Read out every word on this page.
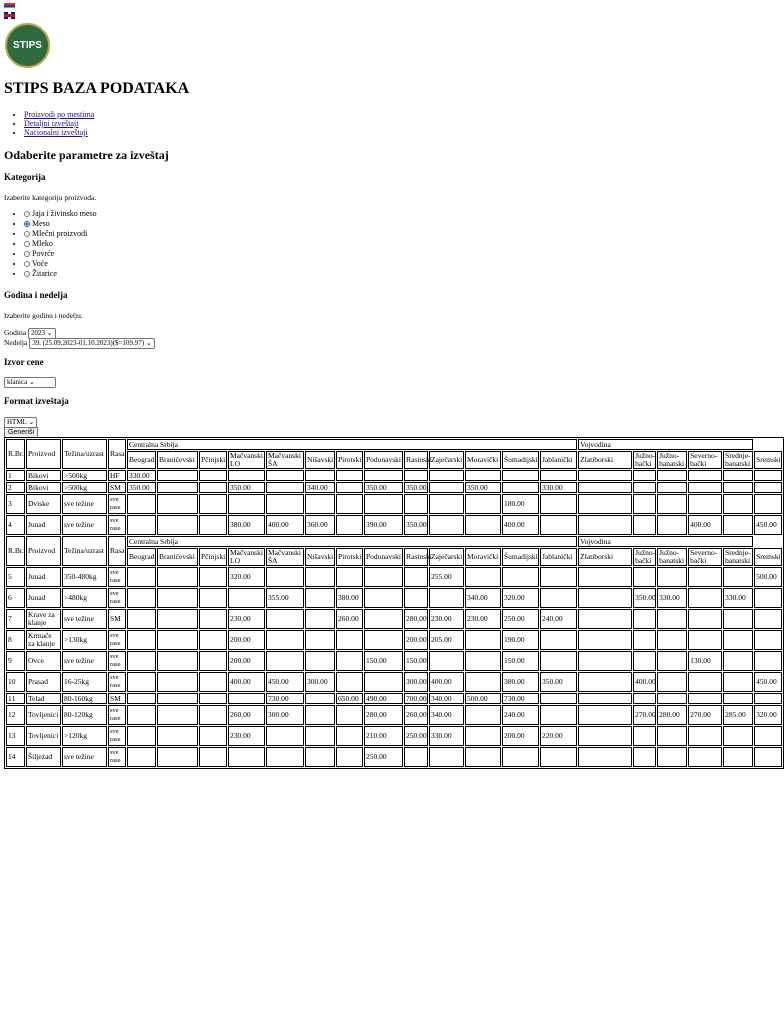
STIPS
STIPS BAZA PODATAKA
• Proizvodi po mestima
• Detaljni izveštaji
• Nacionalni izveštaji
Odaberite parametre za izveštaj
Kategorija

Izaberite kategoriju proizvoda.

• Jaja i živinsko meso
• Meso
• Mlečni proizvodi
• Mleko
• Povrće
• Voće
• Žitarice
Godina i nedelja

Izaberite godinu i nedelju.

Godina 2023 ⌄
Nedelja 39. (25.09.2023-01.10.2023)($=109.97) ⌄
Izvor cene
klanica ⌄
Format izveštaja
HTML ⌄
Generiši
R.Br.	Proizvod	Težina/uzrast	Rasa	Centralna Srbija													Vojvodina					
				Beograd	Braničevski	Pčinjski	Mačvanski LO	Mačvanski ŠA	Nišavski	Pirotski	Podunavski	Rasinski	Zaječarski	Moravički	Šumadijski	Jablanički	Zlatiborski	Južno-bački	Južno-banatski	Severno-bački	Srednje-banatski	Sremski
1	Bikovi	>500kg	HF	330.00																		
2	Bikovi	>500kg	SM	350.00			350.00		340.00		350.00	350.00		350.00		330.00						
3	Dviske	sve težine	sve rase												180.00							
4	Junad	sve težine	sve rase				380.00	400.00	360.00		390.00	350.00			400.00					400.00		450.00
R.Br.	Proizvod	Težina/uzrast	Rasa	Centralna Srbija													Vojvodina					
				Beograd	Braničevski	Pčinjski	Mačvanski LO	Mačvanski ŠA	Nišavski	Pirotski	Podunavski	Rasinski	Zaječarski	Moravički	Šumadijski	Jablanički	Zlatiborski	Južno-bački	Južno-banatski	Severno-bački	Srednje-banatski	Sremski
5	Junad	350-480kg	sve rase				320.00						255.00									500.00
6	Junad	>480kg	sve rase					355.00		380.00				340.00	320.00			350.00	330.00		330.00	
7	Krave za klanje	sve težine	SM				230.00			260.00		280.00	230.00	230.00	250.00	240.00						
8	Krmače za klanje	>130kg	sve rase				200.00					200.00	205.00		190.00							
9	Ovce	sve težine	sve rase				200.00				150.00	150.00			150.00					130.00		
10	Prasad	16-25kg	sve rase				400.00	450.00	300.00			300.00	400.00		380.00	350.00		400.00				450.00
11	Telad	80-160kg	SM					730.00		650.00	490.00	700.00	340.00	500.00	730.00							
12	Tovljenici	80-120kg	sve rase				260.00	300.00			280.00	260.00	340.00		240.00			270.00	280.00	270.00	285.00	320.00
13	Tovljenici	>120kg	sve rase				230.00				210.00	250.00	330.00		200.00	220.00						
14	Šiljeżad	sve težine	sve rase								250.00											
